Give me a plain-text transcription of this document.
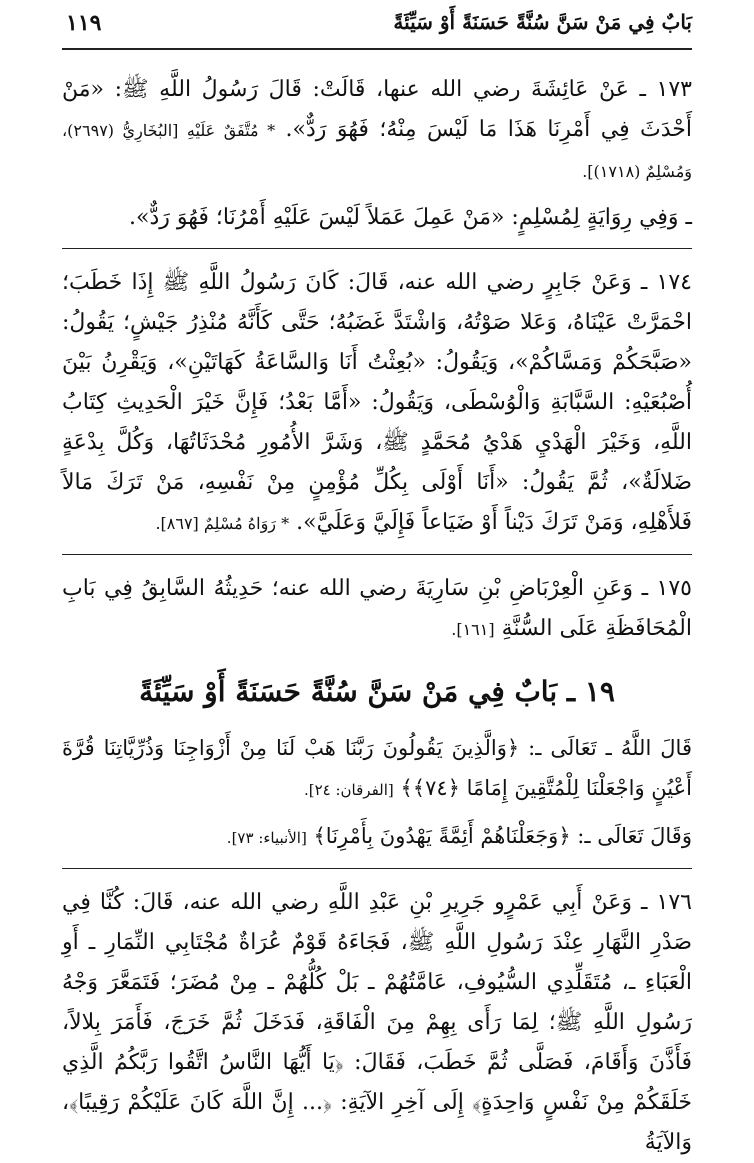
بَابٌ فِي مَنْ سَنَّ سُنَّةً حَسَنَةً أَوْ سَيِّئَةً
١١٩

١٧٣ ـ عَنْ عَائِشَةَ رضي الله عنها، قَالَتْ: قَالَ رَسُولُ اللَّهِ ﷺ: «مَنْ أَحْدَثَ فِي أَمْرِنَا هَذَا مَا لَيْسَ مِنْهُ؛ فَهُوَ رَدٌّ». * مُتَّفَقٌ عَلَيْهِ [البُخَارِيُّ (٢٦٩٧)، وَمُسْلِمٌ (١٧١٨)].

ـ وَفِي رِوَايَةٍ لِمُسْلِمٍ: «مَنْ عَمِلَ عَمَلاً لَيْسَ عَلَيْهِ أَمْرُنَا؛ فَهُوَ رَدٌّ».

١٧٤ ـ وَعَنْ جَابِرٍ رضي الله عنه، قَالَ: كَانَ رَسُولُ اللَّهِ ﷺ إِذَا خَطَبَ؛ احْمَرَّتْ عَيْنَاهُ، وَعَلا صَوْتُهُ، وَاشْتَدَّ غَضَبُهُ؛ حَتَّى كَأَنَّهُ مُنْذِرُ جَيْشٍ؛ يَقُولُ: «صَبَّحَكُمْ وَمَسَّاكُمْ»، وَيَقُولُ: «بُعِثْتُ أَنَا وَالسَّاعَةُ كَهَاتَيْنِ»، وَيَقْرِنُ بَيْنَ أُصْبُعَيْهِ: السَّبَّابَةِ وَالْوُسْطَى، وَيَقُولُ: «أَمَّا بَعْدُ؛ فَإِنَّ خَيْرَ الْحَدِيثِ كِتَابُ اللَّهِ، وَخَيْرَ الْهَدْيِ هَدْيُ مُحَمَّدٍ ﷺ، وَشَرَّ الأُمُورِ مُحْدَثَاتُهَا، وَكُلَّ بِدْعَةٍ ضَلالَةٌ»، ثُمَّ يَقُولُ: «أَنَا أَوْلَى بِكُلِّ مُؤْمِنٍ مِنْ نَفْسِهِ، مَنْ تَرَكَ مَالاً فَلأَهْلِهِ، وَمَنْ تَرَكَ دَيْناً أَوْ ضَيَاعاً فَإِلَيَّ وَعَلَيَّ». * رَوَاهُ مُسْلِمٌ [٨٦٧].

١٧٥ ـ وَعَنِ الْعِرْبَاضِ بْنِ سَارِيَةَ رضي الله عنه؛ حَدِيثُهُ السَّابِقُ فِي بَابِ الْمُحَافَظَةِ عَلَى السُّنَّةِ [١٦١].

١٩ ـ بَابٌ فِي مَنْ سَنَّ سُنَّةً حَسَنَةً أَوْ سَيِّئَةً

قَالَ اللَّهُ ـ تَعَالَى ـ: ﴿وَالَّذِينَ يَقُولُونَ رَبَّنَا هَبْ لَنَا مِنْ أَزْوَاجِنَا وَذُرِّيَّاتِنَا قُرَّةَ أَعْيُنٍ وَاجْعَلْنَا لِلْمُتَّقِينَ إِمَامًا ﴿٧٤﴾﴾ [الفرقان: ٢٤].

وَقَالَ تَعَالَى ـ: ﴿وَجَعَلْنَاهُمْ أَئِمَّةً يَهْدُونَ بِأَمْرِنَا﴾ [الأنبياء: ٧٣].

١٧٦ ـ وَعَنْ أَبِي عَمْرٍو جَرِيرِ بْنِ عَبْدِ اللَّهِ رضي الله عنه، قَالَ: كُنَّا فِي صَدْرِ النَّهَارِ عِنْدَ رَسُولِ اللَّهِ ﷺ، فَجَاءَهُ قَوْمٌ عُرَاةٌ مُجْتَابِي النِّمَارِ ـ أَوِ الْعَبَاءِ ـ، مُتَقَلِّدِي السُّيُوفِ، عَامَّتُهُمْ ـ بَلْ كُلُّهُمْ ـ مِنْ مُضَرَ؛ فَتَمَعَّرَ وَجْهُ رَسُولِ اللَّهِ ﷺ؛ لِمَا رَأَى بِهِمْ مِنَ الْفَاقَةِ، فَدَخَلَ ثُمَّ خَرَجَ، فَأَمَرَ بِلالاً، فَأَذَّنَ وَأَقَامَ، فَصَلَّى ثُمَّ خَطَبَ، فَقَالَ: ﴿يَا أَيُّهَا النَّاسُ اتَّقُوا رَبَّكُمُ الَّذِي خَلَقَكُمْ مِنْ نَفْسٍ وَاحِدَةٍ﴾ إِلَى آخِرِ الآيَةِ: ﴿... إِنَّ اللَّهَ كَانَ عَلَيْكُمْ رَقِيبًا﴾، وَالآيَةُ
